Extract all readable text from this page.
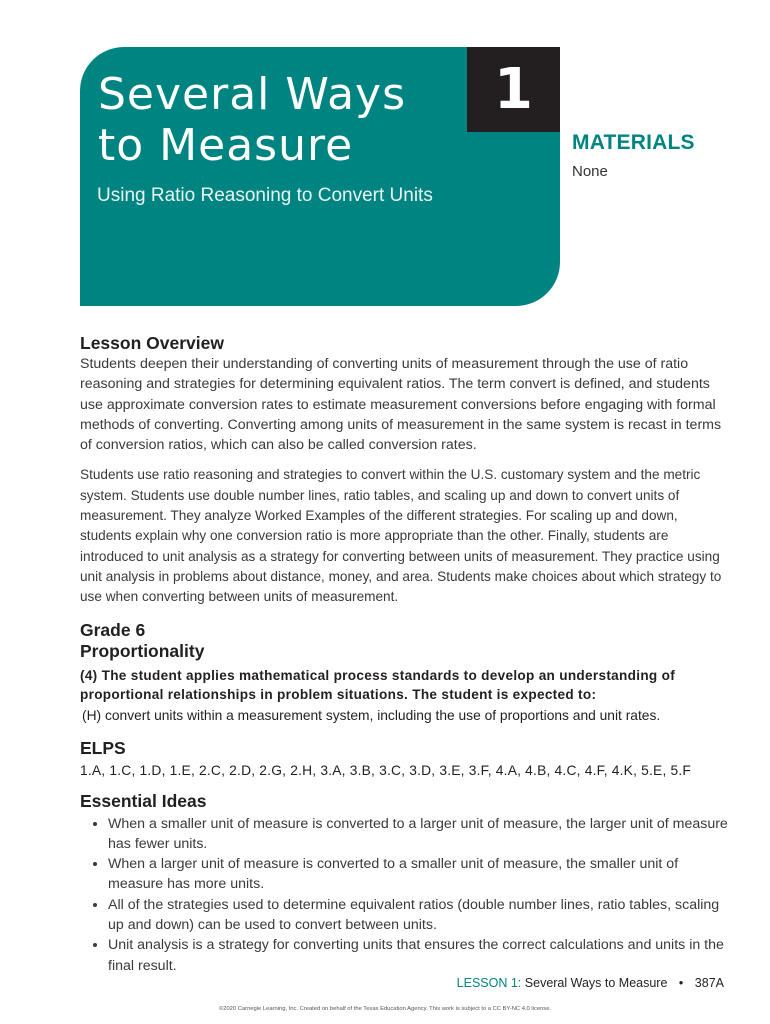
Several Ways
to Measure
Using Ratio Reasoning to Convert Units
1
MATERIALS
None
Lesson Overview

Students deepen their understanding of converting units of measurement through the use of ratio reasoning and strategies for determining equivalent ratios. The term convert is defined, and students use approximate conversion rates to estimate measurement conversions before engaging with formal methods of converting. Converting among units of measurement in the same system is recast in terms of conversion ratios, which can also be called conversion rates.

Students use ratio reasoning and strategies to convert within the U.S. customary system and the metric system. Students use double number lines, ratio tables, and scaling up and down to convert units of measurement. They analyze Worked Examples of the different strategies. For scaling up and down, students explain why one conversion ratio is more appropriate than the other. Finally, students are introduced to unit analysis as a strategy for converting between units of measurement. They practice using unit analysis in problems about distance, money, and area. Students make choices about which strategy to use when converting between units of measurement.

Grade 6
Proportionality

(4) The student applies mathematical process standards to develop an understanding of proportional relationships in problem situations. The student is expected to:

(H) convert units within a measurement system, including the use of proportions and unit rates.

ELPS

1.A, 1.C, 1.D, 1.E, 2.C, 2.D, 2.G, 2.H, 3.A, 3.B, 3.C, 3.D, 3.E, 3.F, 4.A, 4.B, 4.C, 4.F, 4.K, 5.E, 5.F

Essential Ideas
• When a smaller unit of measure is converted to a larger unit of measure, the larger unit of measure has fewer units.
• When a larger unit of measure is converted to a smaller unit of measure, the smaller unit of measure has more units.
• All of the strategies used to determine equivalent ratios (double number lines, ratio tables, scaling up and down) can be used to convert between units.
• Unit analysis is a strategy for converting units that ensures the correct calculations and units in the final result.
LESSON 1: Several Ways to Measure • 387A
©2020 Carnegie Learning, Inc. Created on behalf of the Texas Education Agency. This work is subject to a CC BY-NC 4.0 license.
